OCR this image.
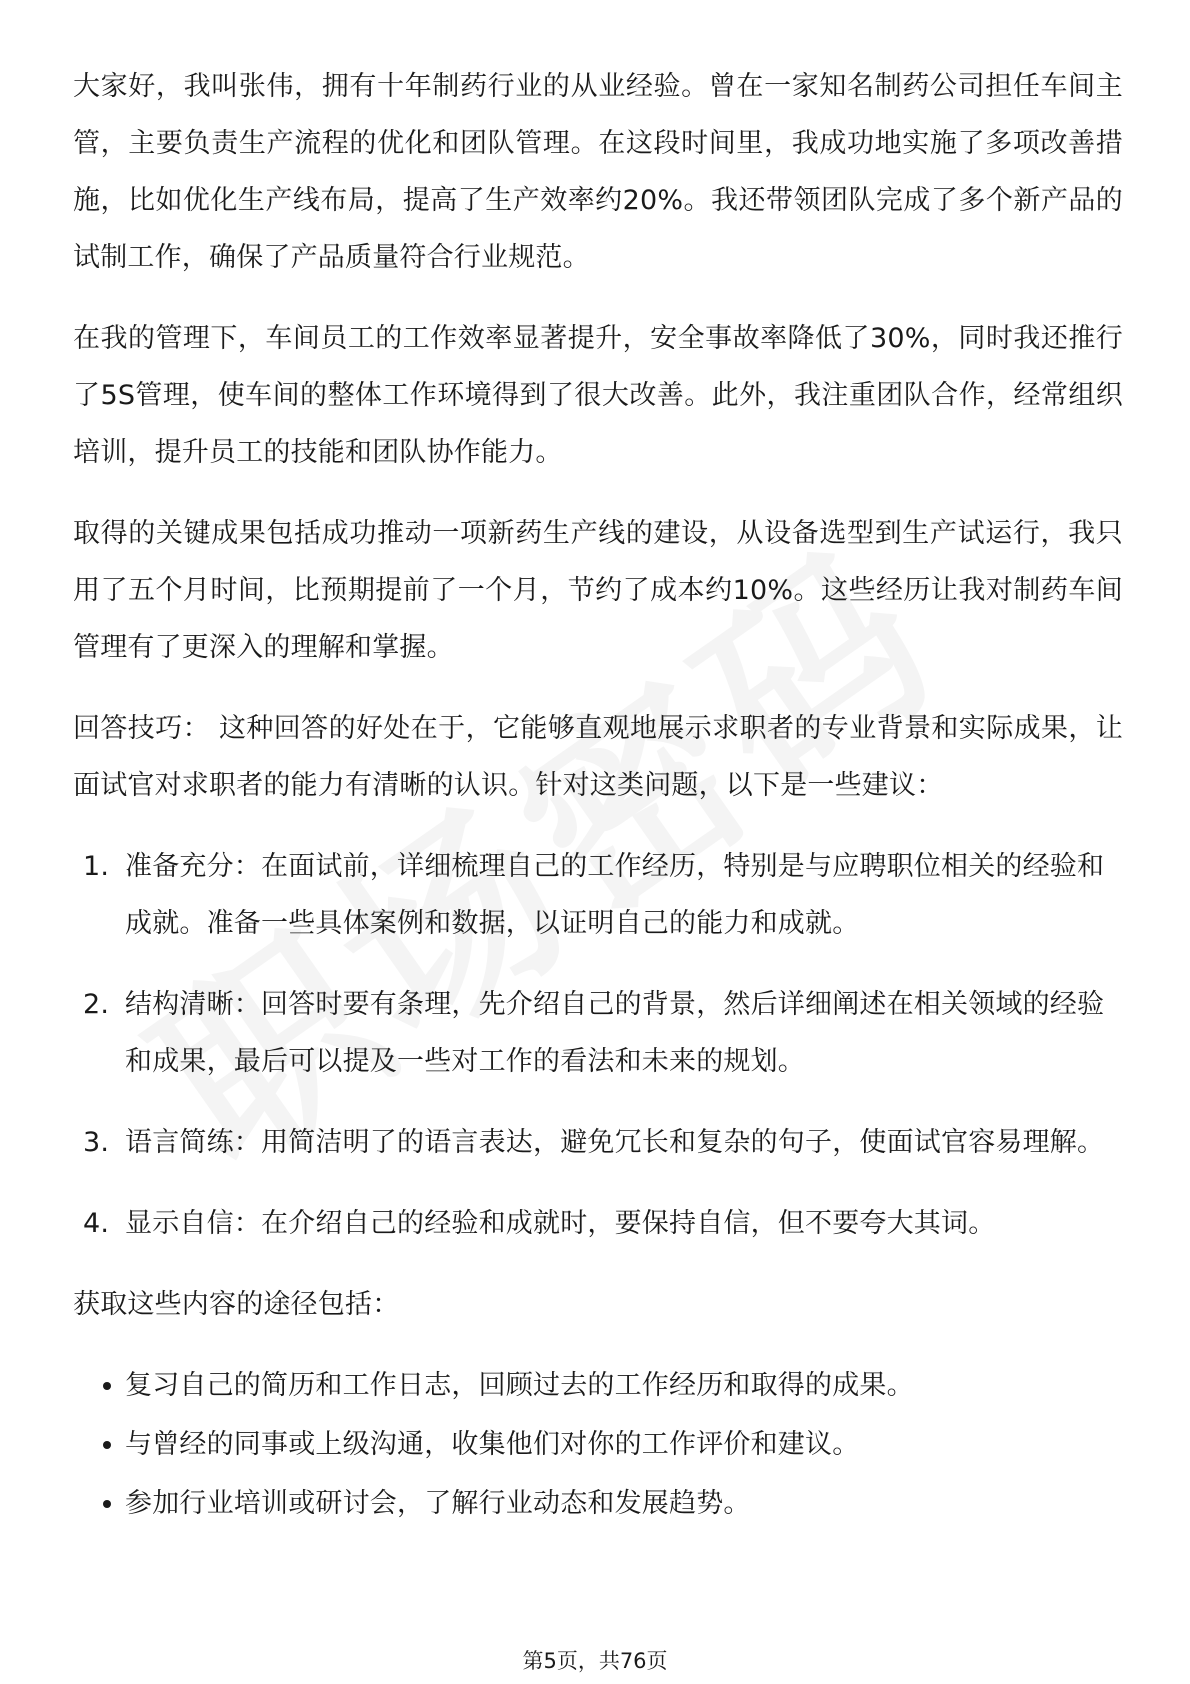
大家好，我叫张伟，拥有十年制药行业的从业经验。曾在一家知名制药公司担任车间主管，主要负责生产流程的优化和团队管理。在这段时间里，我成功地实施了多项改善措施，比如优化生产线布局，提高了生产效率约20%。我还带领团队完成了多个新产品的试制工作，确保了产品质量符合行业规范。

在我的管理下，车间员工的工作效率显著提升，安全事故率降低了30%，同时我还推行了5S管理，使车间的整体工作环境得到了很大改善。此外，我注重团队合作，经常组织培训，提升员工的技能和团队协作能力。

取得的关键成果包括成功推动一项新药生产线的建设，从设备选型到生产试运行，我只用了五个月时间，比预期提前了一个月，节约了成本约10%。这些经历让我对制药车间管理有了更深入的理解和掌握。

回答技巧： 这种回答的好处在于，它能够直观地展示求职者的专业背景和实际成果，让面试官对求职者的能力有清晰的认识。针对这类问题，以下是一些建议：

1. 准备充分：在面试前，详细梳理自己的工作经历，特别是与应聘职位相关的经验和成就。准备一些具体案例和数据，以证明自己的能力和成就。
2. 结构清晰：回答时要有条理，先介绍自己的背景，然后详细阐述在相关领域的经验和成果，最后可以提及一些对工作的看法和未来的规划。
3. 语言简练：用简洁明了的语言表达，避免冗长和复杂的句子，使面试官容易理解。
4. 显示自信：在介绍自己的经验和成就时，要保持自信，但不要夸大其词。

获取这些内容的途径包括：

复习自己的简历和工作日志，回顾过去的工作经历和取得的成果。
与曾经的同事或上级沟通，收集他们对你的工作评价和建议。
参加行业培训或研讨会，了解行业动态和发展趋势。
第5页，共76页
